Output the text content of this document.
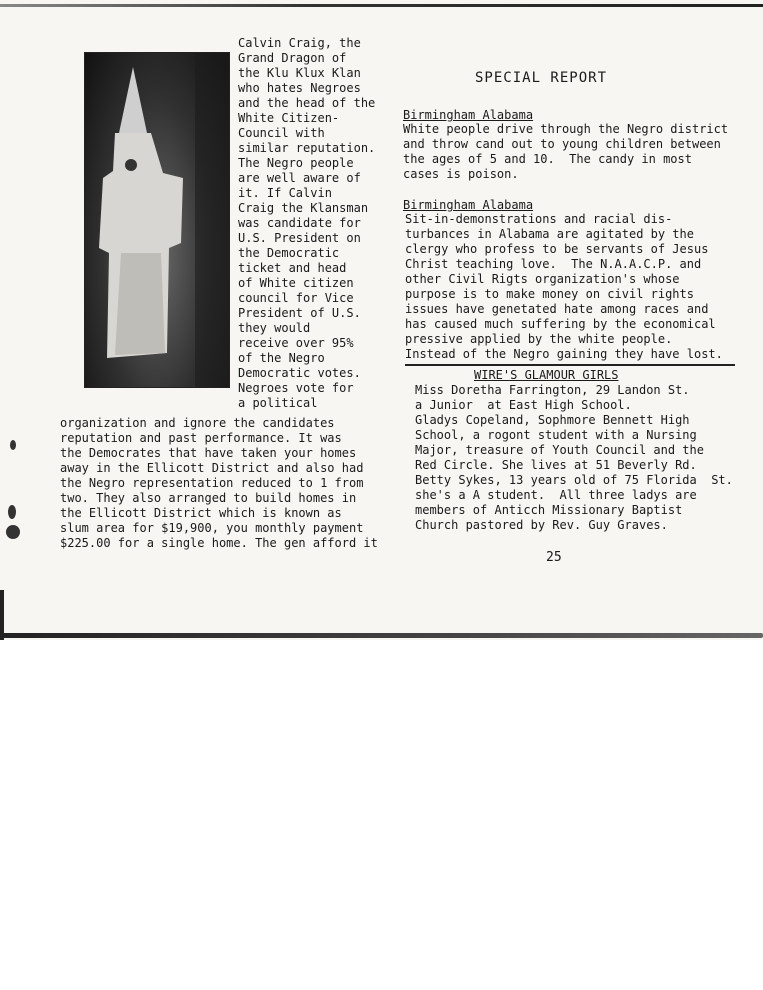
Calvin Craig, the
Grand Dragon of
the Klu Klux Klan
who hates Negroes
and the head of the
White Citizen-
Council with
similar reputation.
The Negro people
are well aware of
it. If Calvin
Craig the Klansman
was candidate for
U.S. President on
the Democratic
ticket and head
of White citizen
council for Vice
President of U.S.
they would
receive over 95%
of the Negro
Democratic votes.
Negroes vote for
a political
organization and ignore the candidates
reputation and past performance. It was
the Democrates that have taken your homes
away in the Ellicott District and also had
the Negro representation reduced to 1 from
two. They also arranged to build homes in
the Ellicott District which is known as
slum area for $19,900, you monthly payment
$225.00 for a single home. The gen afford it
SPECIAL REPORT
Birmingham Alabama
White people drive through the Negro district
and throw cand out to young children between
the ages of 5 and 10.  The candy in most
cases is poison.
Birmingham Alabama
Sit-in-demonstrations and racial dis-
turbances in Alabama are agitated by the
clergy who profess to be servants of Jesus
Christ teaching love.  The N.A.A.C.P. and
other Civil Rigts organization's whose
purpose is to make money on civil rights
issues have genetated hate among races and
has caused much suffering by the economical
pressive applied by the white people.
Instead of the Negro gaining they have lost.
WIRE'S GLAMOUR GIRLS
Miss Doretha Farrington, 29 Landon St.
a Junior  at East High School.
Gladys Copeland, Sophmore Bennett High
School, a rogont student with a Nursing
Major, treasure of Youth Council and the
Red Circle. She lives at 51 Beverly Rd.
Betty Sykes, 13 years old of 75 Florida  St.
she's a A student.  All three ladys are
members of Anticch Missionary Baptist
Church pastored by Rev. Guy Graves.
25
